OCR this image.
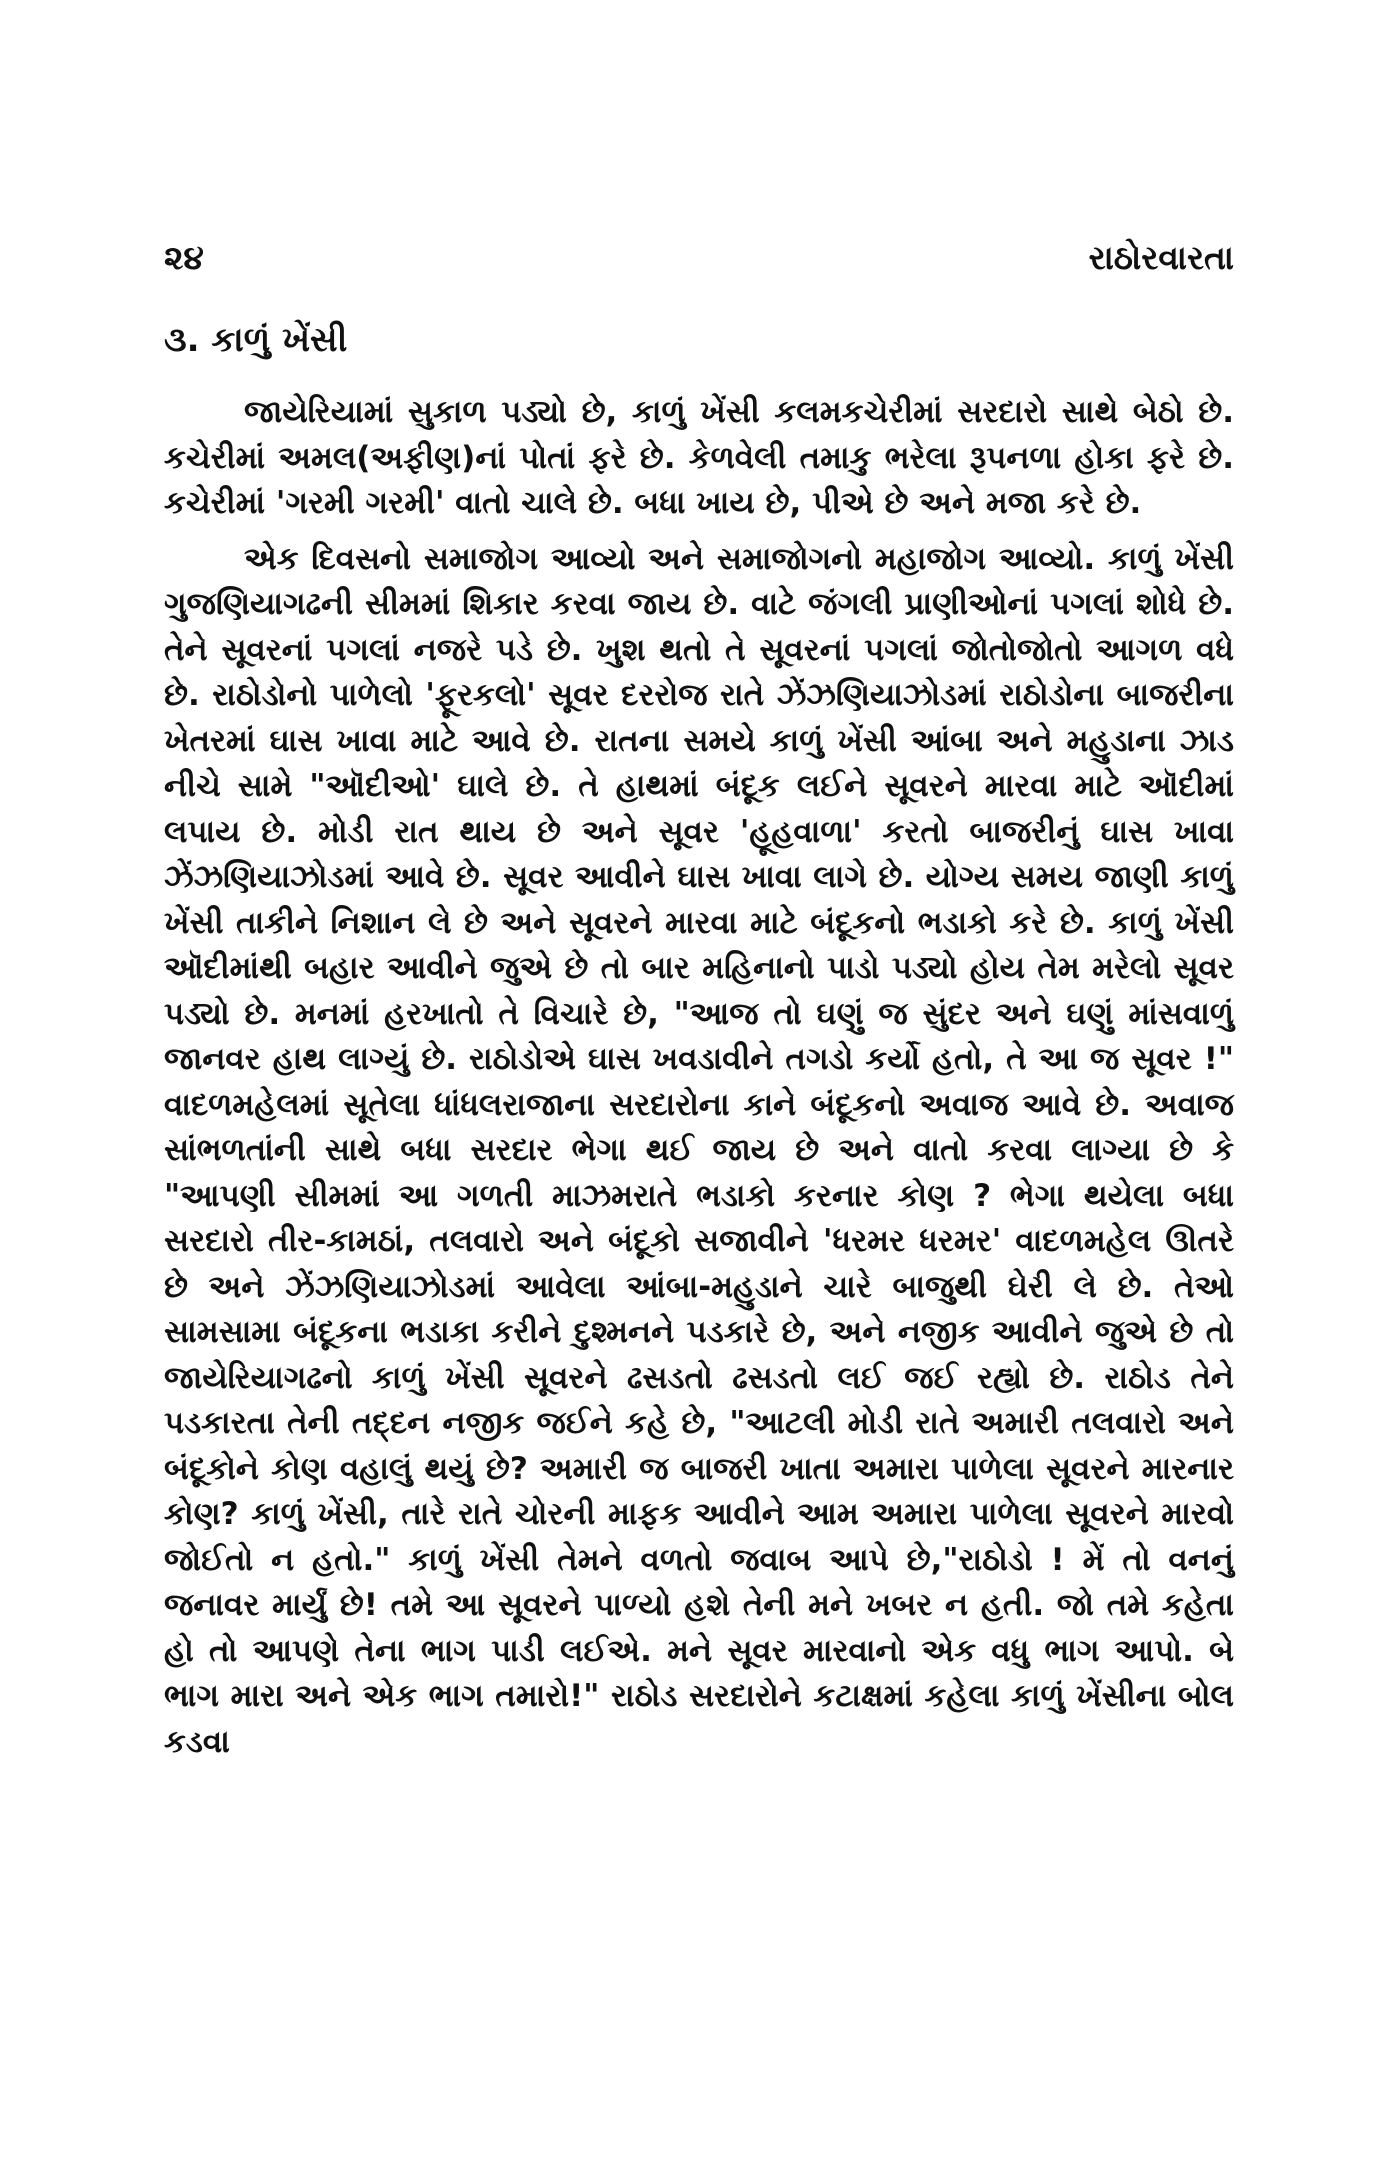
૨૪	રાઠોરવારતા
૩. કાળું ખેંસી

જાયેરિયામાં સુકાળ પડ્યો છે, કાળું ખેંસી કલમકચેરીમાં સરદારો સાથે બેઠો છે. કચેરીમાં અમલ(અફીણ)નાં પોતાં ફરે છે. કેળવેલી તમાકુ ભરેલા રૂપનળા હોકા ફરે છે. કચેરીમાં 'ગરમી ગરમી' વાતો ચાલે છે. બધા ખાય છે, પીએ છે અને મજા કરે છે.

એક દિવસનો સમાજોગ આવ્યો અને સમાજોગનો મહાજોગ આવ્યો. કાળું ખેંસી ગુજણિયાગઢની સીમમાં શિકાર કરવા જાય છે. વાટે જંગલી પ્રાણીઓનાં પગલાં શોધે છે. તેને સૂવરનાં પગલાં નજરે પડે છે. ખુશ થતો તે સૂવરનાં પગલાં જોતોજોતો આગળ વધે છે. રાઠોડોનો પાળેલો 'ફૂરકલો' સૂવર દરરોજ રાતે ઝેંઝણિયાઝોડમાં રાઠોડોના બાજરીના ખેતરમાં ઘાસ ખાવા માટે આવે છે. રાતના સમયે કાળું ખેંસી આંબા અને મહુડાના ઝાડ નીચે સામે "ઑદીઓ' ઘાલે છે. તે હાથમાં બંદૂક લઈને સૂવરને મારવા માટે ઑદીમાં લપાય છે. મોડી રાત થાય છે અને સૂવર 'હૂહવાળા' કરતો બાજરીનું ઘાસ ખાવા ઝેંઝણિયાઝોડમાં આવે છે. સૂવર આવીને ઘાસ ખાવા લાગે છે. યોગ્ય સમય જાણી કાળું ખેંસી તાકીને નિશાન લે છે અને સૂવરને મારવા માટે બંદૂકનો ભડાકો કરે છે. કાળું ખેંસી ઑદીમાંથી બહાર આવીને જુએ છે તો બાર મહિનાનો પાડો પડ્યો હોય તેમ મરેલો સૂવર પડ્યો છે. મનમાં હરખાતો તે વિચારે છે, "આજ તો ઘણું જ સુંદર અને ઘણું માંસવાળું જાનવર હાથ લાગ્યું છે. રાઠોડોએ ઘાસ ખવડાવીને તગડો કર્યો હતો, તે આ જ સૂવર !" વાદળમહેલમાં સૂતેલા ધાંધલરાજાના સરદારોના કાને બંદૂકનો અવાજ આવે છે. અવાજ સાંભળતાંની સાથે બધા સરદાર ભેગા થઈ જાય છે અને વાતો કરવા લાગ્યા છે કે "આપણી સીમમાં આ ગળતી માઝમરાતે ભડાકો કરનાર કોણ ? ભેગા થયેલા બધા સરદારો તીર-કામઠાં, તલવારો અને બંદૂકો સજાવીને 'ધરમર ધરમર' વાદળમહેલ ઊતરે છે અને ઝેંઝણિયાઝોડમાં આવેલા આંબા-મહુડાને ચારે બાજુથી ઘેરી લે છે. તેઓ સામસામા બંદૂકના ભડાકા કરીને દુશ્મનને પડકારે છે, અને નજીક આવીને જુએ છે તો જાયેરિયાગઢનો કાળું ખેંસી સૂવરને ઢસડતો ઢસડતો લઈ જઈ રહ્યો છે. રાઠોડ તેને પડકારતા તેની તદ્દન નજીક જઈને કહે છે, "આટલી મોડી રાતે અમારી તલવારો અને બંદૂકોને કોણ વહાલું થયું છે? અમારી જ બાજરી ખાતા અમારા પાળેલા સૂવરને મારનાર કોણ? કાળું ખેંસી, તારે રાતે ચોરની માફક આવીને આમ અમારા પાળેલા સૂવરને મારવો જોઈતો ન હતો." કાળું ખેંસી તેમને વળતો જવાબ આપે છે,"રાઠોડો ! મેં તો વનનું જનાવર માર્યું છે! તમે આ સૂવરને પાળ્યો હશે તેની મને ખબર ન હતી. જો તમે કહેતા હો તો આપણે તેના ભાગ પાડી લઈએ. મને સૂવર મારવાનો એક વધુ ભાગ આપો. બે ભાગ મારા અને એક ભાગ તમારો!" રાઠોડ સરદારોને કટાક્ષમાં કહેલા કાળું ખેંસીના બોલ કડવા
